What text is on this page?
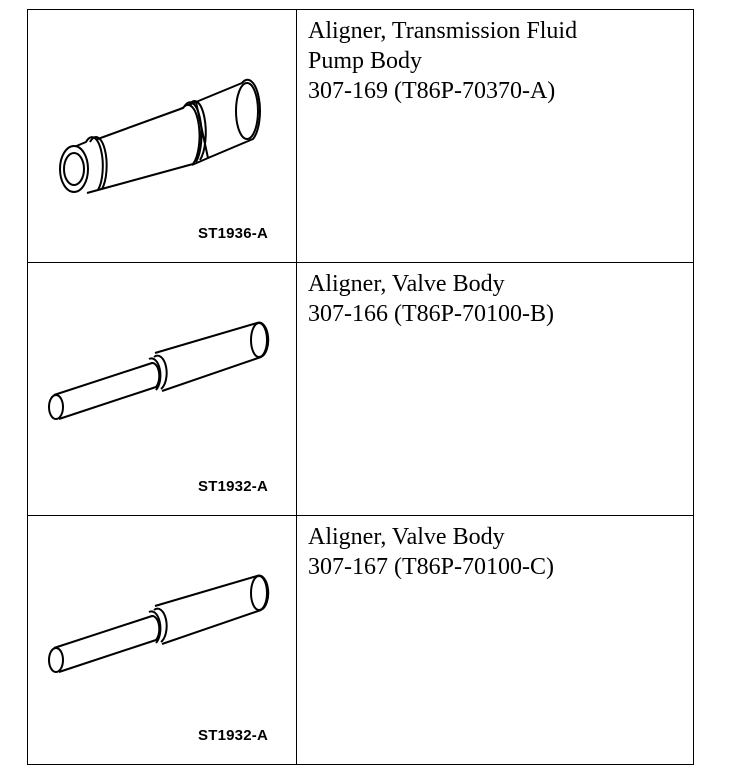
ST1936-A	Aligner, Transmission Fluid
Pump Body
307-169 (T86P-70370-A)

ST1932-A	Aligner, Valve Body
307-166 (T86P-70100-B)

ST1932-A	Aligner, Valve Body
307-167 (T86P-70100-C)
